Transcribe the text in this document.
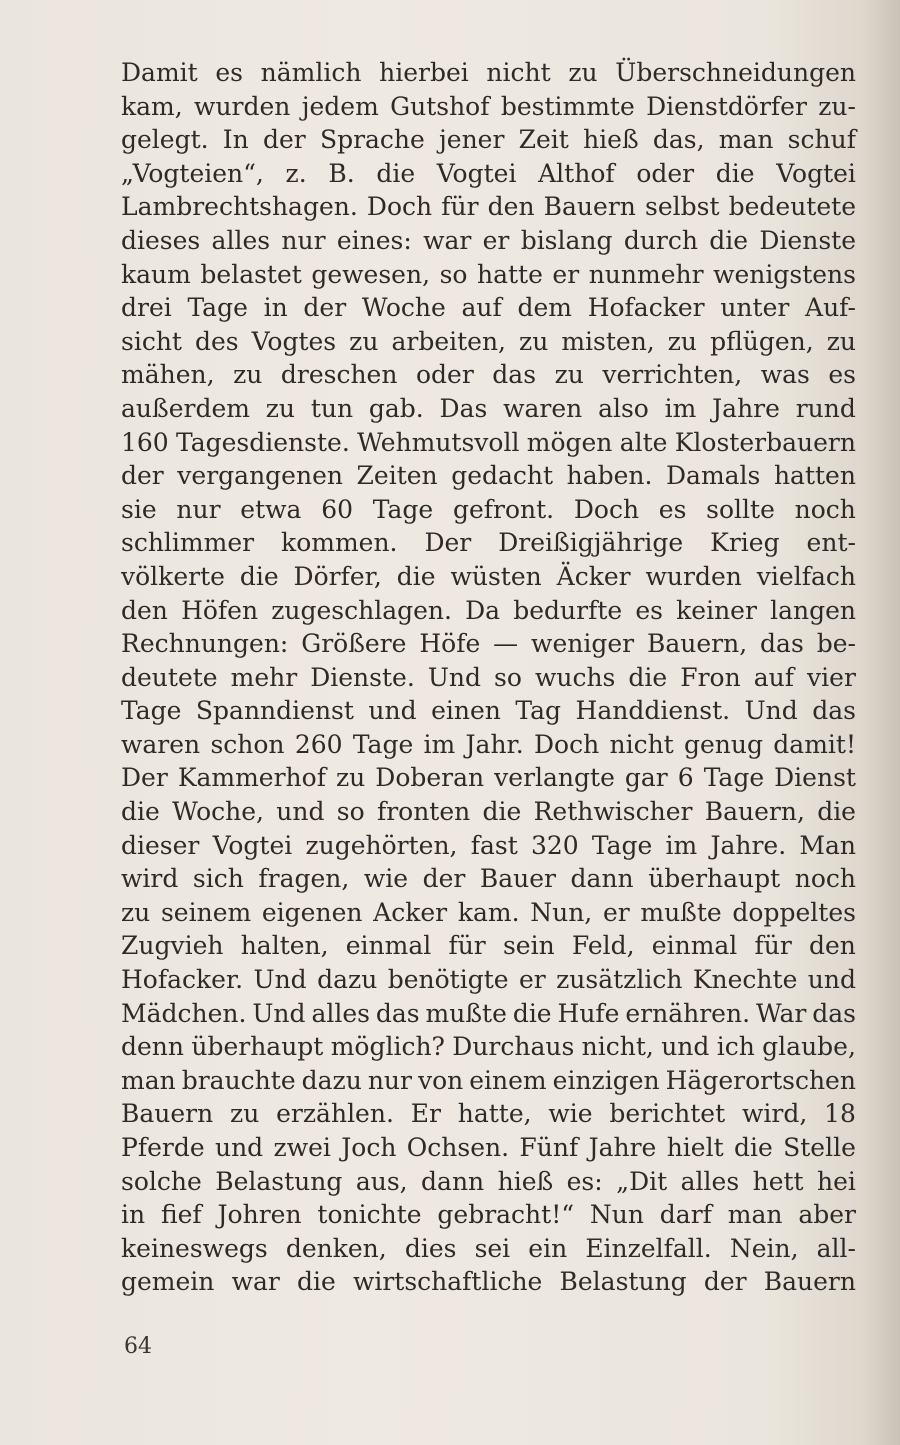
Damit es nämlich hierbei nicht zu Überschneidungen
kam, wurden jedem Gutshof bestimmte Dienstdörfer zu-
gelegt. In der Sprache jener Zeit hieß das, man schuf
„Vogteien“, z. B. die Vogtei Althof oder die Vogtei
Lambrechtshagen. Doch für den Bauern selbst bedeutete
dieses alles nur eines: war er bislang durch die Dienste
kaum belastet gewesen, so hatte er nunmehr wenigstens
drei Tage in der Woche auf dem Hofacker unter Auf-
sicht des Vogtes zu arbeiten, zu misten, zu pflügen, zu
mähen, zu dreschen oder das zu verrichten, was es
außerdem zu tun gab. Das waren also im Jahre rund
160 Tagesdienste. Wehmutsvoll mögen alte Klosterbauern
der vergangenen Zeiten gedacht haben. Damals hatten
sie nur etwa 60 Tage gefront. Doch es sollte noch
schlimmer kommen. Der Dreißigjährige Krieg ent-
völkerte die Dörfer, die wüsten Äcker wurden vielfach
den Höfen zugeschlagen. Da bedurfte es keiner langen
Rechnungen: Größere Höfe — weniger Bauern, das be-
deutete mehr Dienste. Und so wuchs die Fron auf vier
Tage Spanndienst und einen Tag Handdienst. Und das
waren schon 260 Tage im Jahr. Doch nicht genug damit!
Der Kammerhof zu Doberan verlangte gar 6 Tage Dienst
die Woche, und so fronten die Rethwischer Bauern, die
dieser Vogtei zugehörten, fast 320 Tage im Jahre. Man
wird sich fragen, wie der Bauer dann überhaupt noch
zu seinem eigenen Acker kam. Nun, er mußte doppeltes
Zugvieh halten, einmal für sein Feld, einmal für den
Hofacker. Und dazu benötigte er zusätzlich Knechte und
Mädchen. Und alles das mußte die Hufe ernähren. War das
denn überhaupt möglich? Durchaus nicht, und ich glaube,
man brauchte dazu nur von einem einzigen Hägerortschen
Bauern zu erzählen. Er hatte, wie berichtet wird, 18
Pferde und zwei Joch Ochsen. Fünf Jahre hielt die Stelle
solche Belastung aus, dann hieß es: „Dit alles hett hei
in fief Johren tonichte gebracht!“ Nun darf man aber
keineswegs denken, dies sei ein Einzelfall. Nein, all-
gemein war die wirtschaftliche Belastung der Bauern
64
